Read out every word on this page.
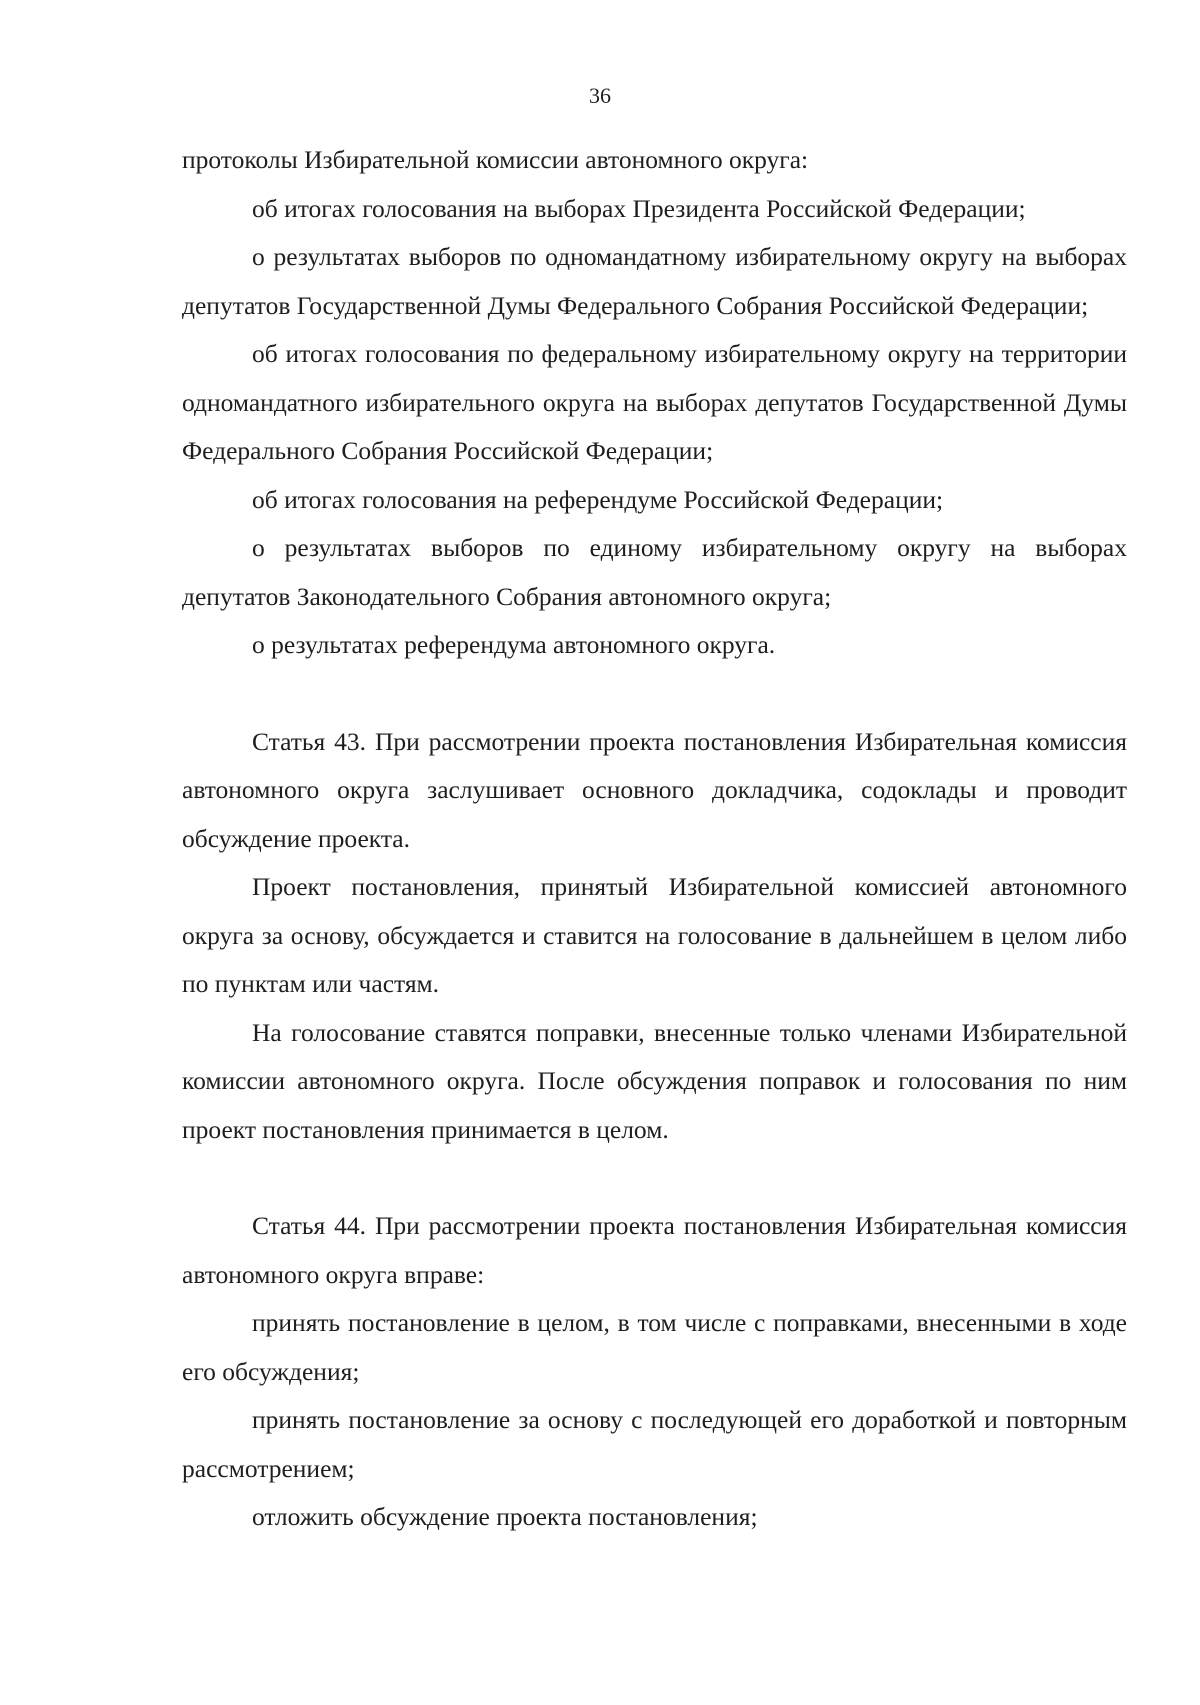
36

протоколы Избирательной комиссии автономного округа:

об итогах голосования на выборах Президента Российской Федерации;

о результатах выборов по одномандатному избирательному округу на выборах депутатов Государственной Думы Федерального Собрания Российской Федерации;

об итогах голосования по федеральному избирательному округу на территории одномандатного избирательного округа на выборах депутатов Государственной Думы Федерального Собрания Российской Федерации;

об итогах голосования на референдуме Российской Федерации;

о результатах выборов по единому избирательному округу на выборах депутатов Законодательного Собрания автономного округа;

о результатах референдума автономного округа.

Статья 43. При рассмотрении проекта постановления Избирательная комиссия автономного округа заслушивает основного докладчика, содоклады и проводит обсуждение проекта.

Проект постановления, принятый Избирательной комиссией автономного округа за основу, обсуждается и ставится на голосование в дальнейшем в целом либо по пунктам или частям.

На голосование ставятся поправки, внесенные только членами Избирательной комиссии автономного округа. После обсуждения поправок и голосования по ним проект постановления принимается в целом.

Статья 44. При рассмотрении проекта постановления Избирательная комиссия автономного округа вправе:

принять постановление в целом, в том числе с поправками, внесенными в ходе его обсуждения;

принять постановление за основу с последующей его доработкой и повторным рассмотрением;

отложить обсуждение проекта постановления;
